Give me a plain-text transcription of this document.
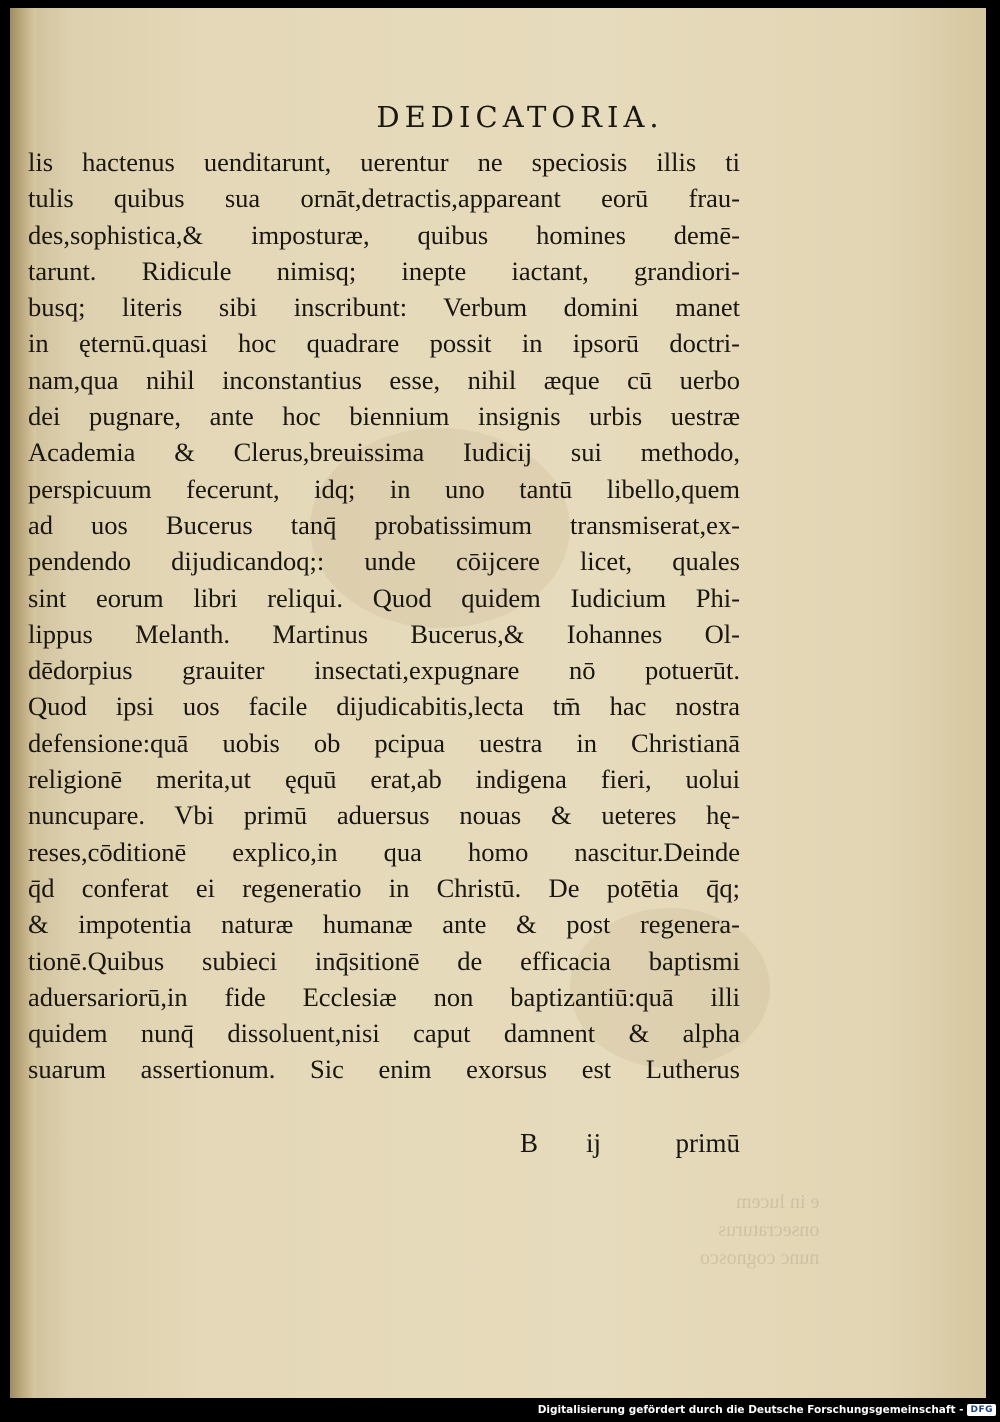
e in lucem
onsecraturus
nunc cognosco
DEDICATORIA.
lis hactenus uenditarunt, uerentur ne speciosis illis ti
tulis quibus sua ornāt,detractis,appareant eorū frau-
des,sophistica,& imposturæ, quibus homines demē-
tarunt. Ridicule nimisq; inepte iactant, grandiori-
busq; literis sibi inscribunt: Verbum domini manet
in ęternū.quasi hoc quadrare possit in ipsorū doctri-
nam,qua nihil inconstantius esse, nihil æque cū uerbo
dei pugnare, ante hoc biennium insignis urbis uestræ
Academia & Clerus,breuissima Iudicij sui methodo,
perspicuum fecerunt, idq; in uno tantū libello,quem
ad uos Bucerus tanq̄ probatissimum transmiserat,ex-
pendendo dijudicandoq;: unde cōijcere licet, quales
sint eorum libri reliqui. Quod quidem Iudicium Phi-
lippus Melanth. Martinus Bucerus,& Iohannes Ol-
dēdorpius grauiter insectati,expugnare nō potuerūt.
Quod ipsi uos facile dijudicabitis,lecta tm̄ hac nostra
defensione:quā uobis ob pcipua uestra in Christianā
religionē merita,ut ęquū erat,ab indigena fieri, uolui
nuncupare. Vbi primū aduersus nouas & ueteres hę-
reses,cōditionē explico,in qua homo nascitur.Deinde
q̄d conferat ei regeneratio in Christū. De potētia q̄q;
& impotentia naturæ humanæ ante & post regenera-
tionē.Quibus subieci inq̄sitionē de efficacia baptismi
aduersariorū,in fide Ecclesiæ non baptizantiū:quā illi
quidem nunq̄ dissoluent,nisi caput damnent & alpha
suarum assertionum. Sic enim exorsus est Lutherus
B ij	primū
Digitalisierung gefördert durch die Deutsche Forschungsgemeinschaft - DFG
